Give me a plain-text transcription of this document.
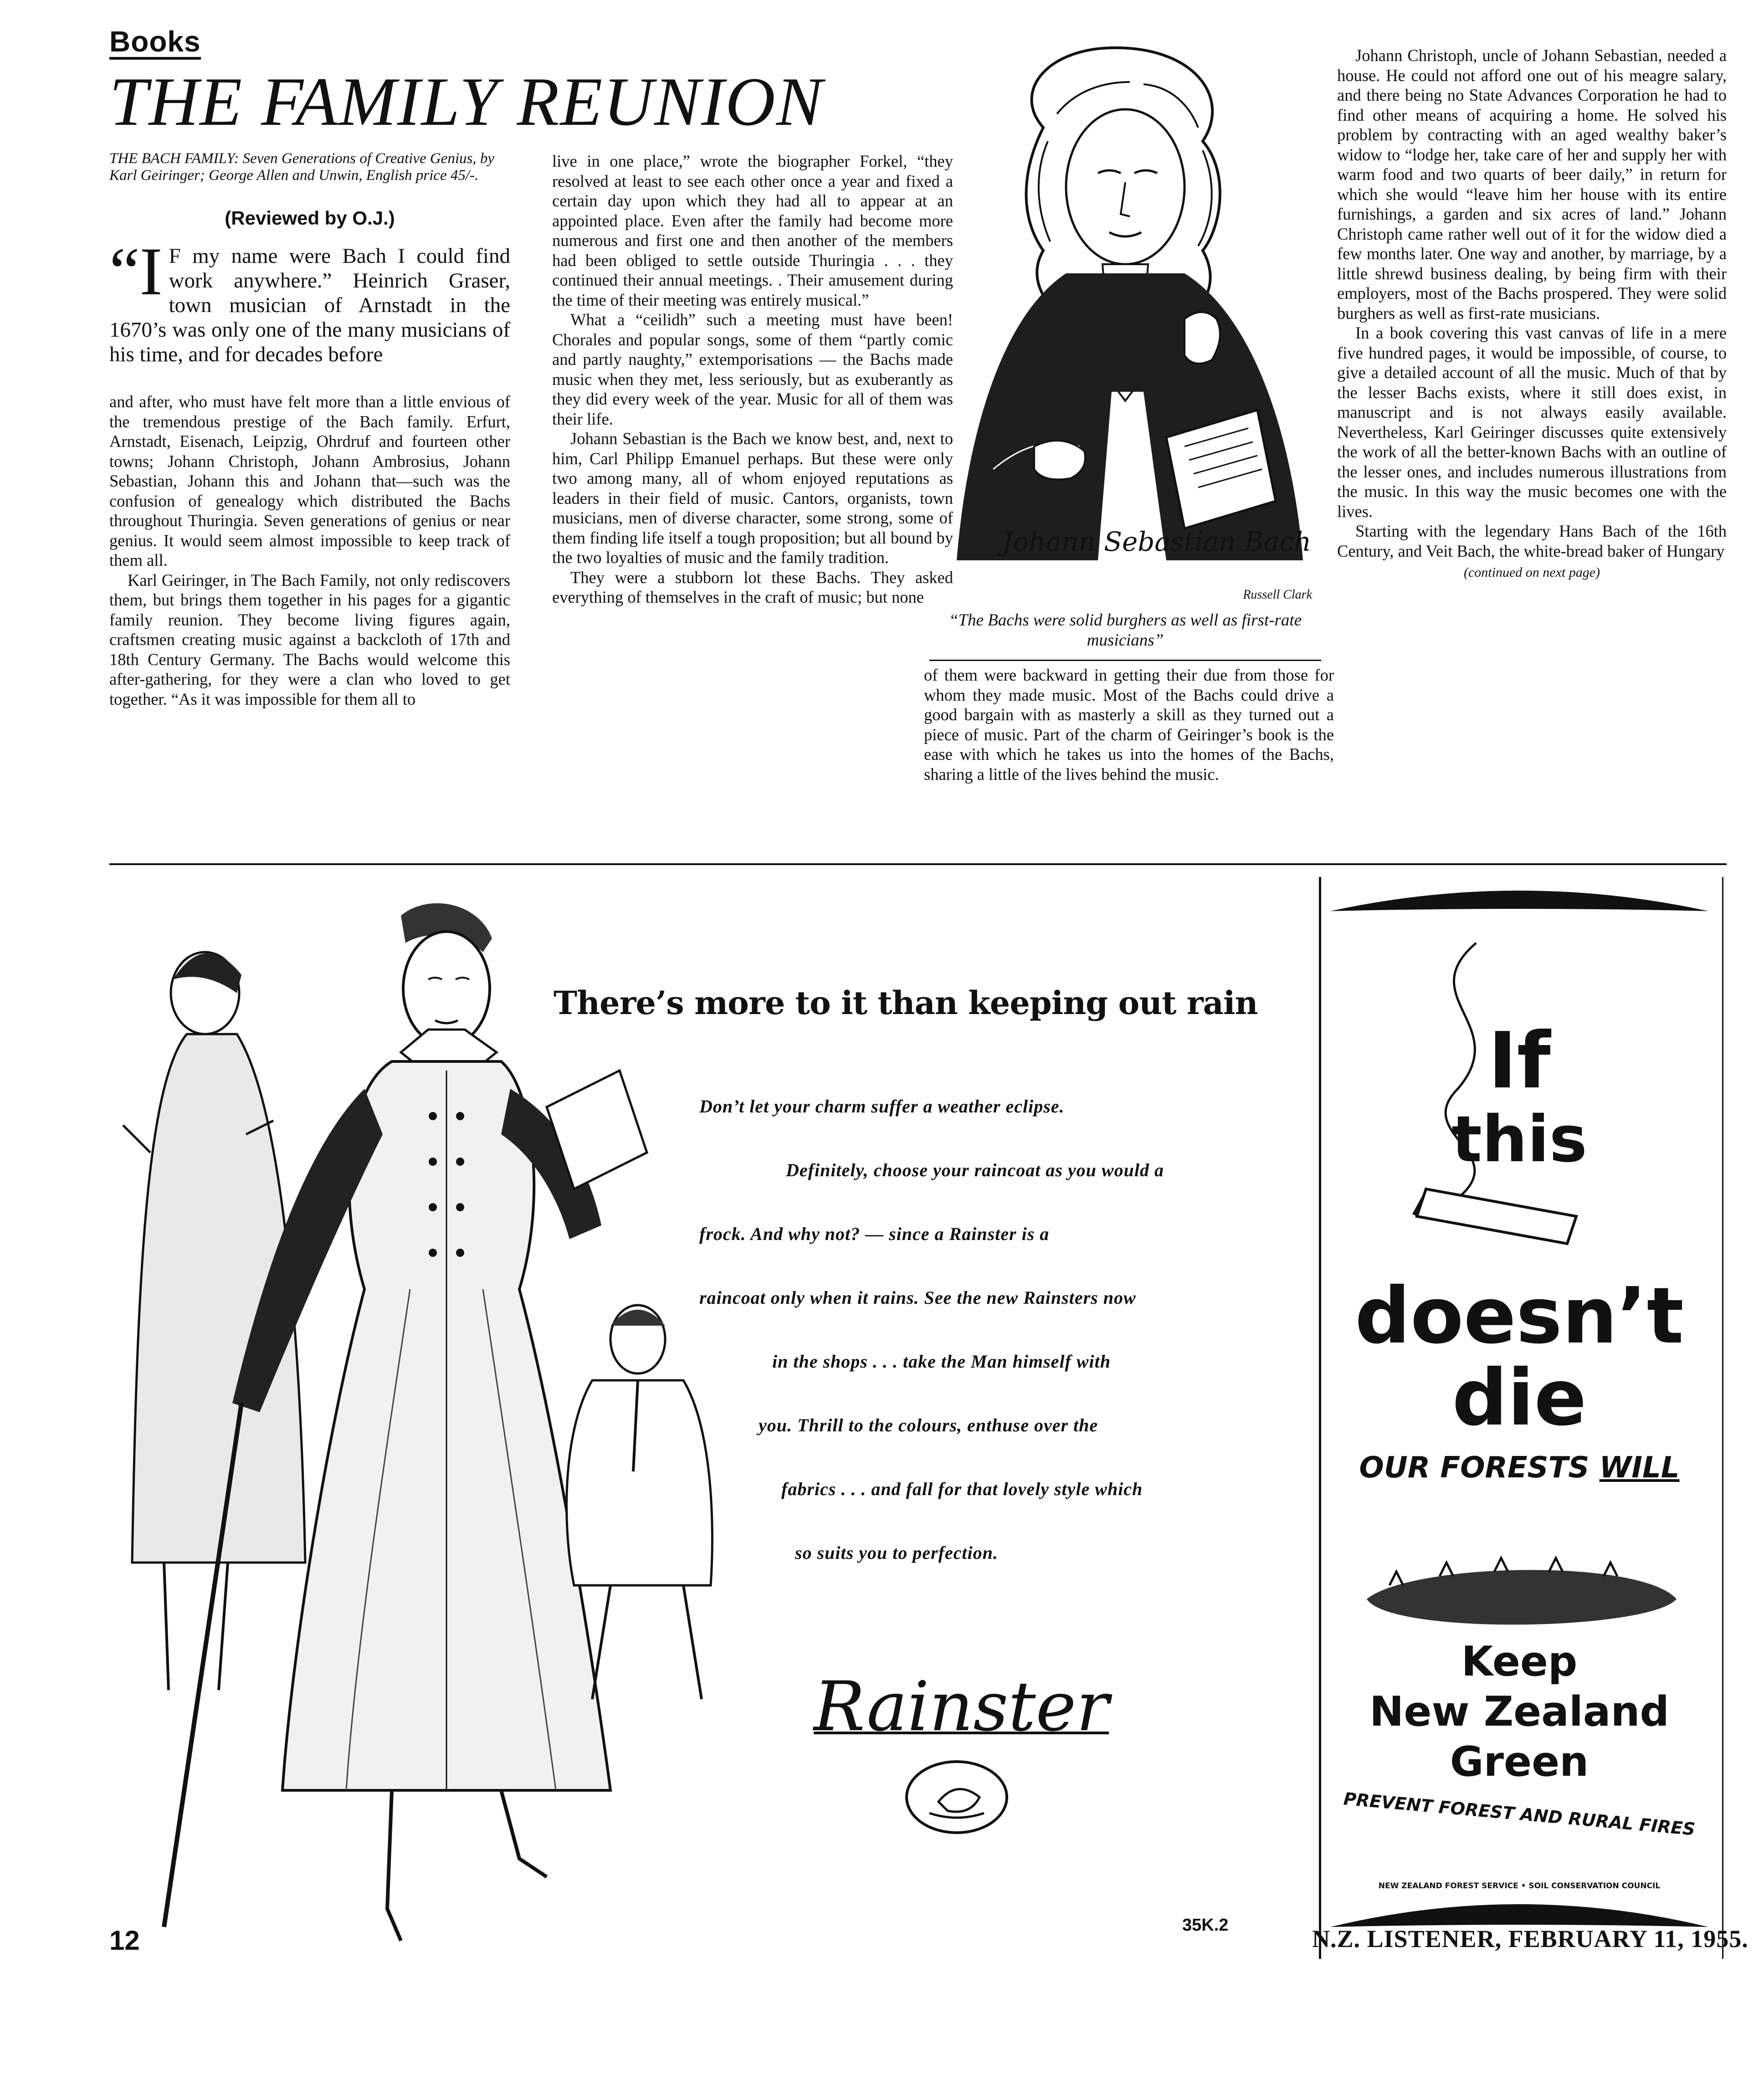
Books
THE FAMILY REUNION
THE BACH FAMILY: Seven Generations of Creative Genius, by Karl Geiringer; George Allen and Unwin, English price 45/-.
(Reviewed by O.J.)
“I F my name were Bach I could find work anywhere.” Heinrich Graser, town musician of Arnstadt in the 1670’s was only one of the many musicians of his time, and for decades before

and after, who must have felt more than a little envious of the tremendous prestige of the Bach family. Erfurt, Arnstadt, Eisenach, Leipzig, Ohrdruf and fourteen other towns; Johann Christoph, Johann Ambrosius, Johann Sebastian, Johann this and Johann that—such was the confusion of genealogy which distributed the Bachs throughout Thuringia. Seven generations of genius or near genius. It would seem almost impossible to keep track of them all.

Karl Geiringer, in The Bach Family, not only rediscovers them, but brings them together in his pages for a gigantic family reunion. They become living figures again, craftsmen creating music against a backcloth of 17th and 18th Century Germany. The Bachs would welcome this after-gathering, for they were a clan who loved to get together. “As it was impossible for them all to

live in one place,” wrote the biographer Forkel, “they resolved at least to see each other once a year and fixed a certain day upon which they had all to appear at an appointed place. Even after the family had become more numerous and first one and then another of the members had been obliged to settle outside Thuringia . . . they continued their annual meetings. . Their amusement during the time of their meeting was entirely musical.”

What a “ceilidh” such a meeting must have been! Chorales and popular songs, some of them “partly comic and partly naughty,” extemporisations — the Bachs made music when they met, less seriously, but as exuberantly as they did every week of the year. Music for all of them was their life.

Johann Sebastian is the Bach we know best, and, next to him, Carl Philipp Emanuel perhaps. But these were only two among many, all of whom enjoyed reputations as leaders in their field of music. Cantors, organists, town musicians, men of diverse character, some strong, some of them finding life itself a tough proposition; but all bound by the two loyalties of music and the family tradition.

They were a stubborn lot these Bachs. They asked everything of themselves in the craft of music; but none

Johann Sebastian Bach
Russell Clark
“The Bachs were solid burghers as well as first-rate musicians”

of them were backward in getting their due from those for whom they made music. Most of the Bachs could drive a good bargain with as masterly a skill as they turned out a piece of music. Part of the charm of Geiringer’s book is the ease with which he takes us into the homes of the Bachs, sharing a little of the lives behind the music.

Johann Christoph, uncle of Johann Sebastian, needed a house. He could not afford one out of his meagre salary, and there being no State Advances Corporation he had to find other means of acquiring a home. He solved his problem by contracting with an aged wealthy baker’s widow to “lodge her, take care of her and supply her with warm food and two quarts of beer daily,” in return for which she would “leave him her house with its entire furnishings, a garden and six acres of land.” Johann Christoph came rather well out of it for the widow died a few months later. One way and another, by marriage, by a little shrewd business dealing, by being firm with their employers, most of the Bachs prospered. They were solid burghers as well as first-rate musicians.

In a book covering this vast canvas of life in a mere five hundred pages, it would be impossible, of course, to give a detailed account of all the music. Much of that by the lesser Bachs exists, where it still does exist, in manuscript and is not always easily available. Nevertheless, Karl Geiringer discusses quite extensively the work of all the better-known Bachs with an outline of the lesser ones, and includes numerous illustrations from the music. In this way the music becomes one with the lives.

Starting with the legendary Hans Bach of the 16th Century, and Veit Bach, the white-bread baker of Hungary

(continued on next page)
There’s more to it than keeping out rain
Don’t let your charm suffer a weather eclipse.
Definitely, choose your raincoat as you would a
frock. And why not? — since a Rainster is a
raincoat only when it rains. See the new Rainsters now
in the shops . . . take the Man himself with
you. Thrill to the colours, enthuse over the
fabrics . . . and fall for that lovely style which
so suits you to perfection.
Rainster
35K.2
If
this
doesn’t
die
OUR FORESTS WILL
Keep
New Zealand
Green
PREVENT FOREST AND RURAL FIRES
NEW ZEALAND FOREST SERVICE • SOIL CONSERVATION COUNCIL
12	N.Z. LISTENER, FEBRUARY 11, 1955.
